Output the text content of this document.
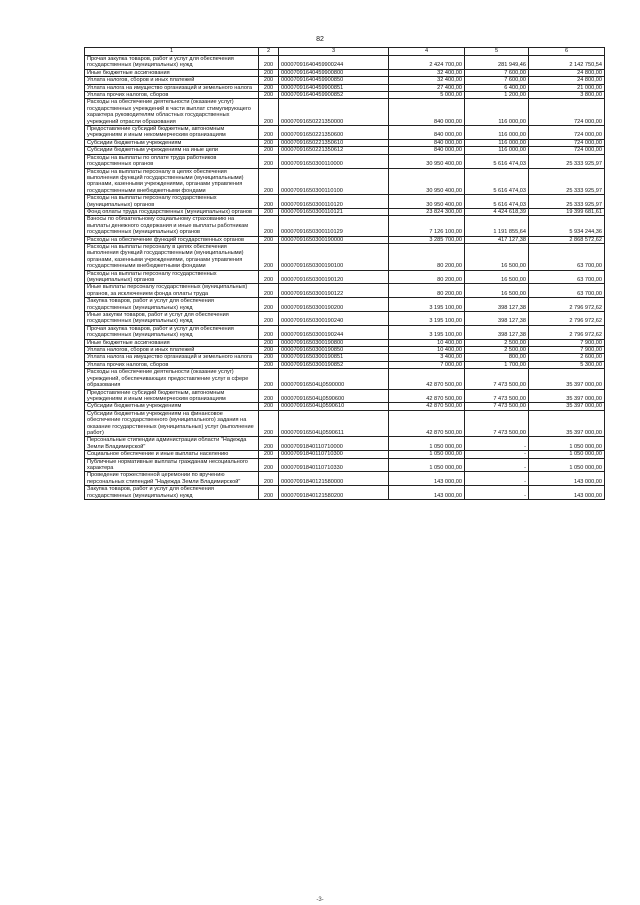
82
1	2	3	4	5	6
Прочая закупка товаров, работ и услуг для обеспечения государственных (муниципальных) нужд	200	00007091640459900244	2 424 700,00	281 949,46	2 142 750,54
Иные бюджетные ассигнования	200	00007091640459900800	32 400,00	7 600,00	24 800,00
Уплата налогов, сборов и иных платежей	200	00007091640459900850	32 400,00	7 600,00	24 800,00
Уплата налога на имущество организаций и земельного налога	200	00007091640459900851	27 400,00	6 400,00	21 000,00
Уплата прочих налогов, сборов	200	00007091640459900852	5 000,00	1 200,00	3 800,00
Расходы на обеспечение деятельности (оказание услуг) государственных учреждений в части выплат стимулирующего характера руководителям областных государственных учреждений отрасли образования	200	00007091650221350000	840 000,00	116 000,00	724 000,00
Предоставление субсидий бюджетным, автономным учреждениям и иным некоммерческим организациям	200	00007091650221350600	840 000,00	116 000,00	724 000,00
Субсидии бюджетным учреждениям	200	00007091650221350610	840 000,00	116 000,00	724 000,00
Субсидии бюджетным учреждениям на иные цели	200	00007091650221350612	840 000,00	116 000,00	724 000,00
Расходы на выплаты по оплате труда работников государственных органов	200	00007091650300110000	30 950 400,00	5 616 474,03	25 333 925,97
Расходы на выплаты персоналу в целях обеспечения выполнения функций государственными (муниципальными) органами, казенными учреждениями, органами управления государственными внебюджетными фондами	200	00007091650300110100	30 950 400,00	5 616 474,03	25 333 925,97
Расходы на выплаты персоналу государственных (муниципальных) органов	200	00007091650300110120	30 950 400,00	5 616 474,03	25 333 925,97
Фонд оплаты труда государственных (муниципальных) органов	200	00007091650300110121	23 824 300,00	4 424 618,39	19 399 681,61
Взносы по обязательному социальному страхованию на выплаты денежного содержания и иные выплаты работникам государственных (муниципальных) органов	200	00007091650300110129	7 126 100,00	1 191 855,64	5 934 244,36
Расходы на обеспечение функций государственных органов	200	00007091650300190000	3 285 700,00	417 127,38	2 868 572,62
Расходы на выплаты персоналу в целях обеспечения выполнения функций государственными (муниципальными) органами, казенными учреждениями, органами управления государственными внебюджетными фондами	200	00007091650300190100	80 200,00	16 500,00	63 700,00
Расходы на выплаты персоналу государственных (муниципальных) органов	200	00007091650300190120	80 200,00	16 500,00	63 700,00
Иные выплаты персоналу государственных (муниципальных) органов, за исключением фонда оплаты труда	200	00007091650300190122	80 200,00	16 500,00	63 700,00
Закупка товаров, работ и услуг для обеспечения государственных (муниципальных) нужд	200	00007091650300190200	3 195 100,00	398 127,38	2 796 972,62
Иные закупки товаров, работ и услуг для обеспечения государственных (муниципальных) нужд	200	00007091650300190240	3 195 100,00	398 127,38	2 796 972,62
Прочая закупка товаров, работ и услуг для обеспечения государственных (муниципальных) нужд	200	00007091650300190244	3 195 100,00	398 127,38	2 796 972,62
Иные бюджетные ассигнования	200	00007091650300190800	10 400,00	2 500,00	7 900,00
Уплата налогов, сборов и иных платежей	200	00007091650300190850	10 400,00	2 500,00	7 900,00
Уплата налога на имущество организаций и земельного налога	200	00007091650300190851	3 400,00	800,00	2 600,00
Уплата прочих налогов, сборов	200	00007091650300190852	7 000,00	1 700,00	5 300,00
Расходы на обеспечение деятельности (оказание услуг) учреждений, обеспечивающих предоставление услуг в сфере образования	200	000070916504Ц0590000	42 870 500,00	7 473 500,00	35 397 000,00
Предоставление субсидий бюджетным, автономным учреждениям и иным некоммерческим организациям	200	000070916504Ц0590600	42 870 500,00	7 473 500,00	35 397 000,00
Субсидии бюджетным учреждениям	200	000070916504Ц0590610	42 870 500,00	7 473 500,00	35 397 000,00
Субсидии бюджетным учреждениям на финансовое обеспечение государственного (муниципального) задания на оказание государственных (муниципальных) услуг (выполнение работ)	200	000070916504Ц0590611	42 870 500,00	7 473 500,00	35 397 000,00
Персональные стипендии администрации области "Надежда Земли Владимирской"	200	00007091840110710000	1 050 000,00	-	1 050 000,00
Социальное обеспечение и иные выплаты населению	200	00007091840110710300	1 050 000,00	-	1 050 000,00
Публичные нормативные выплаты гражданам несоциального характера	200	00007091840110710330	1 050 000,00	-	1 050 000,00
Проведение торжественной церемонии по вручению персональных стипендий "Надежда Земли Владимирской"	200	00007091840121580000	143 000,00	-	143 000,00
Закупка товаров, работ и услуг для обеспечения государственных (муниципальных) нужд	200	00007091840121580200	143 000,00	-	143 000,00
-3-
